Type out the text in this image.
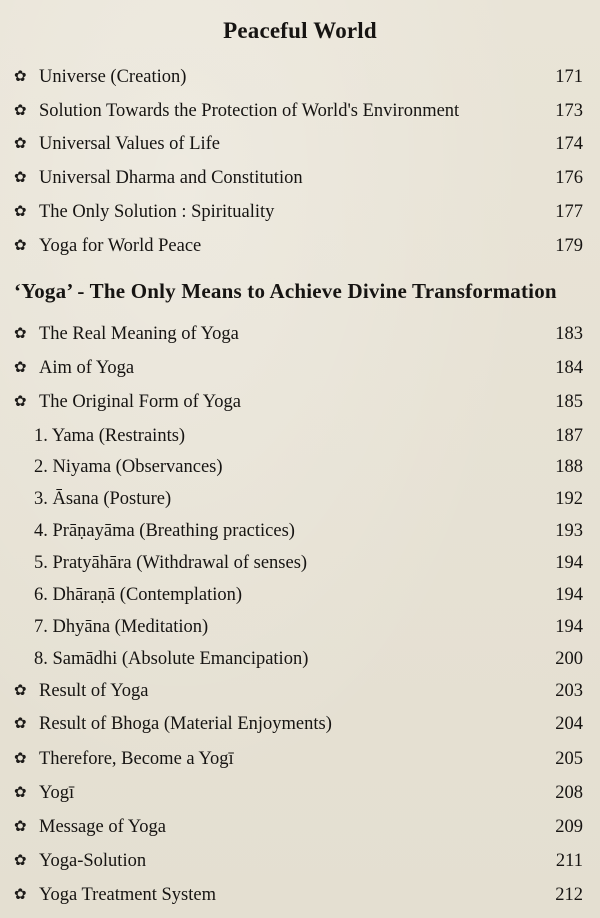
Peaceful World
✿ Universe (Creation)	171
✿ Solution Towards the Protection of World's Environment	173
✿ Universal Values of Life	174
✿ Universal Dharma and Constitution	176
✿ The Only Solution : Spirituality	177
✿ Yoga for World Peace	179
‘Yoga’ - The Only Means to Achieve Divine Transformation
✿ The Real Meaning of Yoga	183
✿ Aim of Yoga	184
✿ The Original Form of Yoga	185
1. Yama (Restraints)	187
2. Niyama (Observances)	188
3. Āsana (Posture)	192
4. Prāṇayāma (Breathing practices)	193
5. Pratyāhāra (Withdrawal of senses)	194
6. Dhāraṇā (Contemplation)	194
7. Dhyāna (Meditation)	194
8. Samādhi (Absolute Emancipation)	200
✿ Result of Yoga	203
✿ Result of Bhoga (Material Enjoyments)	204
✿ Therefore, Become a Yogī	205
✿ Yogī	208
✿ Message of Yoga	209
✿ Yoga-Solution	211
✿ Yoga Treatment System	212
